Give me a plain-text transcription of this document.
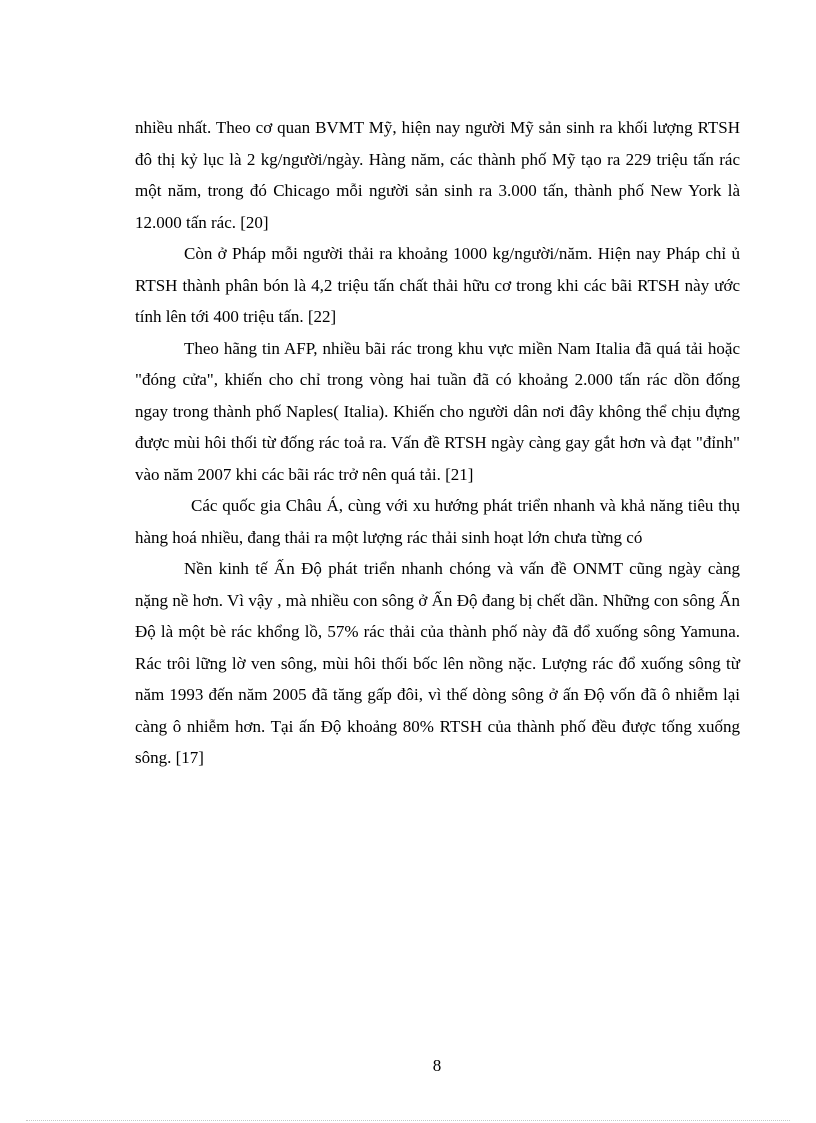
nhiều nhất. Theo cơ quan BVMT Mỹ, hiện nay người Mỹ sản sinh ra khối lượng RTSH đô thị kỷ lục là 2 kg/người/ngày. Hàng năm, các thành phố Mỹ tạo ra 229 triệu tấn rác một năm, trong đó Chicago mỗi người sản sinh ra 3.000 tấn, thành phố New York là 12.000 tấn rác. [20]

Còn ở Pháp mỗi người thải ra khoảng 1000 kg/người/năm. Hiện nay Pháp chỉ ủ RTSH thành phân bón là 4,2 triệu tấn chất thải hữu cơ trong khi các bãi RTSH này ước tính lên tới 400 triệu tấn. [22]

Theo hãng tin AFP, nhiều bãi rác trong khu vực miền Nam Italia đã quá tải hoặc "đóng cửa", khiến cho chỉ trong vòng hai tuần đã có khoảng 2.000 tấn rác dồn đống ngay trong thành phố Naples( Italia). Khiến cho người dân nơi đây không thể chịu đựng được mùi hôi thối từ đống rác toả ra. Vấn đề RTSH ngày càng gay gắt hơn và đạt "đỉnh" vào năm 2007 khi các bãi rác trở nên quá tải. [21]

Các quốc gia Châu Á, cùng với xu hướng phát triển nhanh và khả năng tiêu thụ hàng hoá nhiều, đang thải ra một lượng rác thải sinh hoạt lớn chưa từng có

Nền kinh tế Ấn Độ phát triển nhanh chóng và vấn đề ONMT cũng ngày càng nặng nề hơn. Vì vậy , mà nhiều con sông ở Ấn Độ đang bị chết dần. Những con sông Ấn Độ là một bè rác khổng lồ, 57% rác thải của thành phố này đã đổ xuống sông Yamuna. Rác trôi lững lờ ven sông, mùi hôi thối bốc lên nồng nặc. Lượng rác đổ xuống sông từ năm 1993 đến năm 2005 đã tăng gấp đôi, vì thế dòng sông ở ấn Độ vốn đã ô nhiễm lại càng ô nhiễm hơn. Tại ấn Độ khoảng 80% RTSH của thành phố đều được tống xuống sông. [17]

8
